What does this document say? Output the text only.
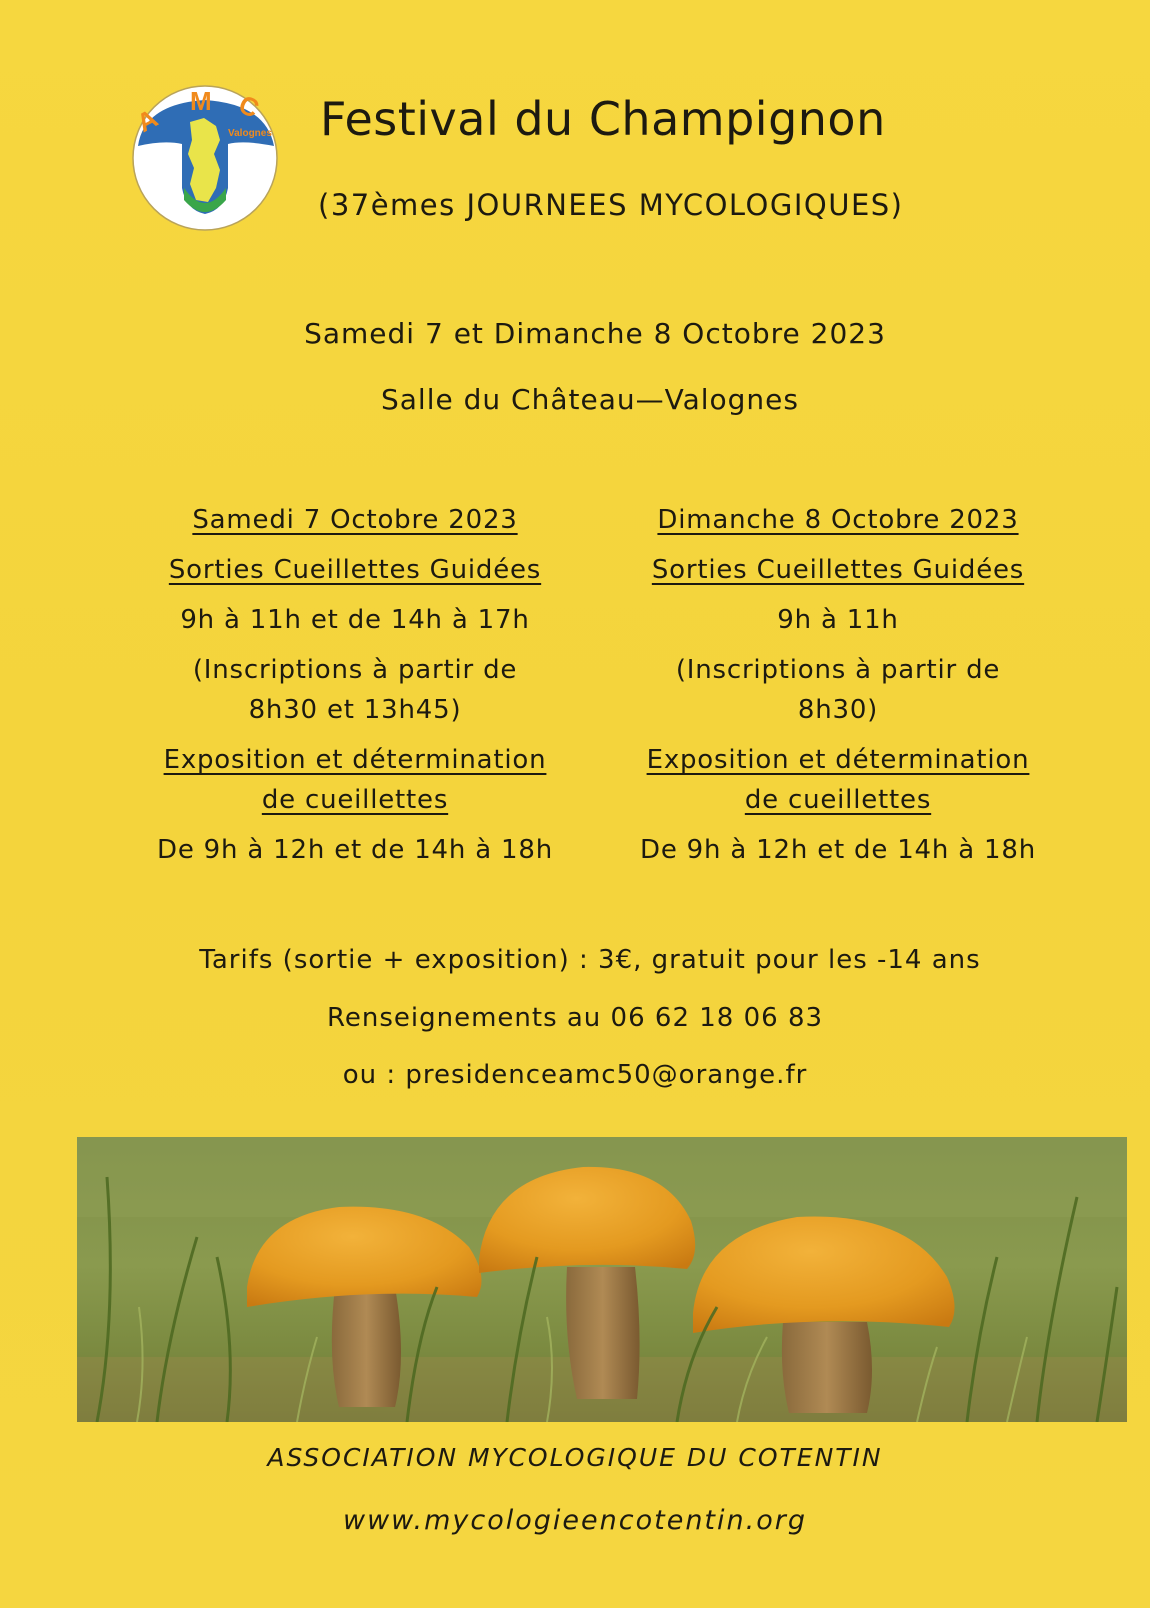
A
M C
Valognes Festival du Champignon
(37èmes JOURNEES MYCOLOGIQUES)
Samedi 7 et Dimanche 8 Octobre 2023
Salle du Château—Valognes
Samedi 7 Octobre 2023
Sorties Cueillettes Guidées
9h à 11h et de 14h à 17h
(Inscriptions à partir de
8h30 et 13h45)
Exposition et détermination
de cueillettes
De 9h à 12h et de 14h à 18h
Dimanche 8 Octobre 2023
Sorties Cueillettes Guidées
9h à 11h
(Inscriptions à partir de
8h30)
Exposition et détermination
de cueillettes
De 9h à 12h et de 14h à 18h
Tarifs (sortie + exposition) : 3€, gratuit pour les -14 ans
Renseignements au 06 62 18 06 83
ou : presidenceamc50@orange.fr
ASSOCIATION MYCOLOGIQUE DU COTENTIN
www.mycologieencotentin.org
